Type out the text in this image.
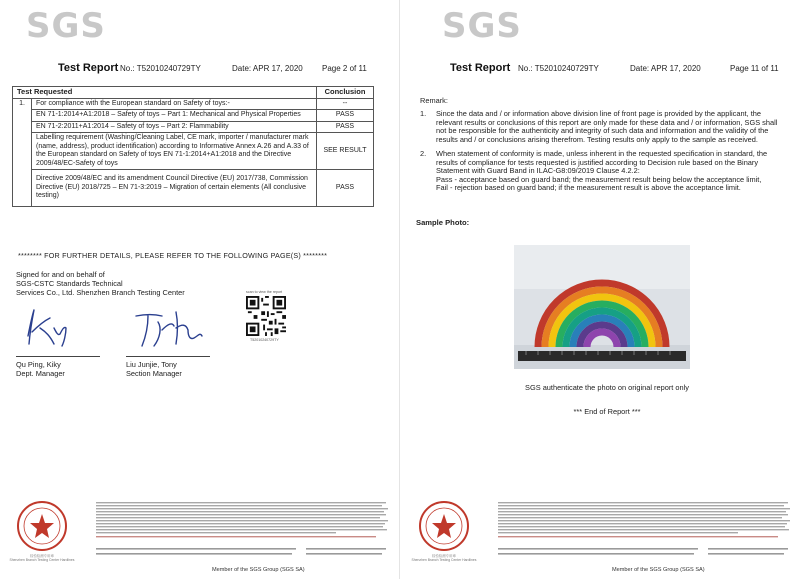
SGS	SGS
Test Report No.: T52010240729TY	Date: APR 17, 2020 Page 2 of 11
Test Requested		Conclusion
1.	For compliance with the European standard on Safety of toys:-	--
	EN 71-1:2014+A1:2018 – Safety of toys – Part 1: Mechanical and Physical Properties	PASS
	EN 71-2:2011+A1:2014 – Safety of toys – Part 2: Flammability	PASS
	Labelling requirement (Washing/Cleaning Label, CE mark, importer / manufacturer mark (name, address), product identification) according to Informative Annex A.26 and A.33 of the European standard on Safety of toys EN 71-1:2014+A1:2018 and the Directive 2009/48/EC-Safety of toys	SEE RESULT
	Directive 2009/48/EC and its amendment Council Directive (EU) 2017/738, Commission Directive (EU) 2018/725 – EN 71-3:2019 – Migration of certain elements (All conclusive testing)	PASS
******** FOR FURTHER DETAILS, PLEASE REFER TO THE FOLLOWING PAGE(S) ********
Signed for and on behalf of
SGS-CSTC Standards Technical
Services Co., Ltd. Shenzhen Branch Testing Center
Qu Ping, Kiky
Dept. Manager
Liu Junjie, Tony
Section Manager
scan to view the report
T52010240729TY
Test Report No.: T52010240729TY	Date: APR 17, 2020	Page 11 of 11
Remark:
1. Since the data and / or information above division line of front page is provided by the applicant, the
relevant results or conclusions of this report are only made for these data and / or information, SGS shall
not be responsible for the authenticity and integrity of such data and information and the validity of the
results and / or conclusions arising therefrom. Testing results only apply to the sample as received.
2. When statement of conformity is made, unless inherent in the requested specification in standard, the
results of compliance for tests requested is justified according to Decision rule based on the Binary
Statement with Guard Band in ILAC-G8:09/2019 Clause 4.2.2:
Pass - acceptance based on guard band; the measurement result being below the acceptance limit,
Fail - rejection based on guard band; if the measurement result is above the acceptance limit.
Sample Photo:
SGS authenticate the photo on original report only
*** End of Report ***
检验检测专用章
Shenzhen Branch Testing Center Hardlines
Member of the SGS Group (SGS SA)
检验检测专用章
Shenzhen Branch Testing Center Hardlines
Member of the SGS Group (SGS SA)
